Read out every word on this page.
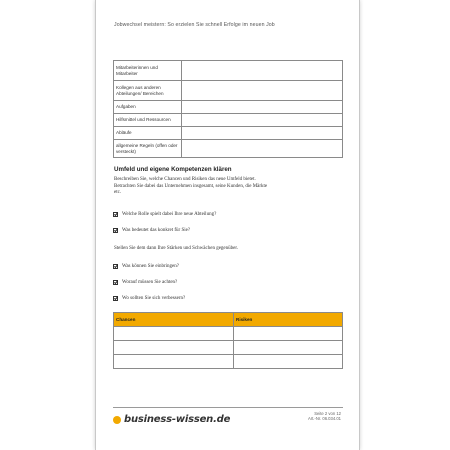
Jobwechsel meistern: So erzielen Sie schnell Erfolge im neuen Job
Mitarbeiterinnen und Mitarbeiter	
Kollegen aus anderen Abteilungen/ Bereichen	
Aufgaben	
Hilfsmittel und Ressourcen	
Abläufe	
allgemeine Regeln (offen oder versteckt)	
Umfeld und eigene Kompetenzen klären
Beschreiben Sie, welche Chancen und Risiken das neue Umfeld bietet.
Betrachten Sie dabei das Unternehmen insgesamt, seine Kunden, die Märkte
etc.
Welche Rolle spielt dabei Ihre neue Abteilung?
Was bedeutet das konkret für Sie?
Stellen Sie dem dann Ihre Stärken und Schwächen gegenüber.
Was können Sie einbringen?
Worauf müssen Sie achten?
Wo sollten Sie sich verbessern?
Chancen	Risiken

business-wissen.de
Seite 2 von 12
Art.-Nr. 06.034.01
